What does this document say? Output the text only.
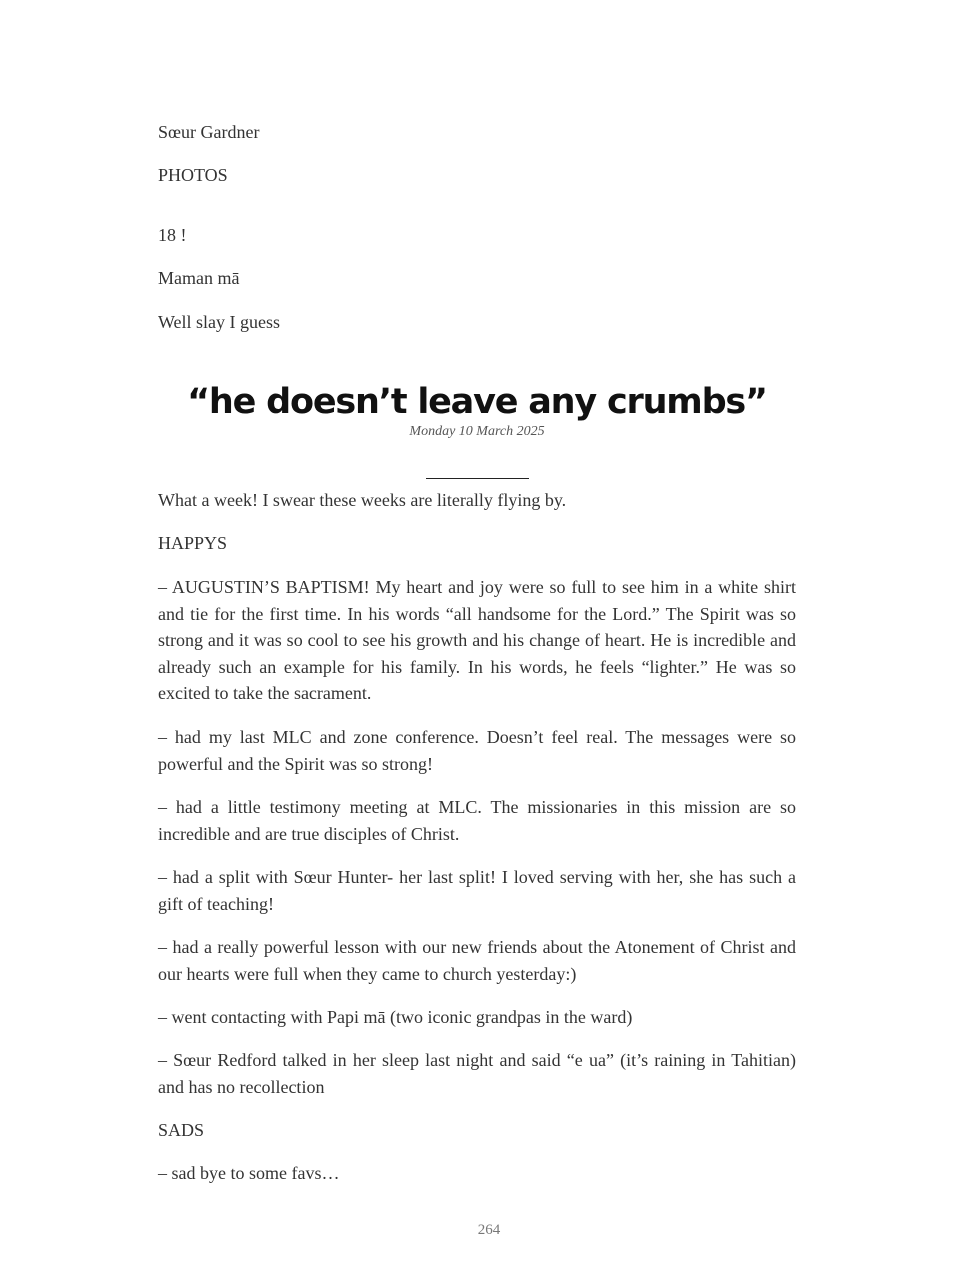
Sœur Gardner
PHOTOS
18 !
Maman mā
Well slay I guess
“he doesn’t leave any crumbs”
Monday 10 March 2025
What a week! I swear these weeks are literally flying by.
HAPPYS

– AUGUSTIN’S BAPTISM! My heart and joy were so full to see him in a white shirt and tie for the first time. In his words “all handsome for the Lord.” The Spirit was so strong and it was so cool to see his growth and his change of heart. He is incredible and already such an example for his family. In his words, he feels “lighter.” He was so excited to take the sacrament.

– had my last MLC and zone conference. Doesn’t feel real. The messages were so powerful and the Spirit was so strong!

– had a little testimony meeting at MLC. The missionaries in this mission are so incredible and are true disciples of Christ.

– had a split with Sœur Hunter- her last split! I loved serving with her, she has such a gift of teaching!

– had a really powerful lesson with our new friends about the Atonement of Christ and our hearts were full when they came to church yesterday:)

– went contacting with Papi mā (two iconic grandpas in the ward)

– Sœur Redford talked in her sleep last night and said “e ua” (it’s raining in Tahitian) and has no recollection

SADS
– sad bye to some favs…
264
